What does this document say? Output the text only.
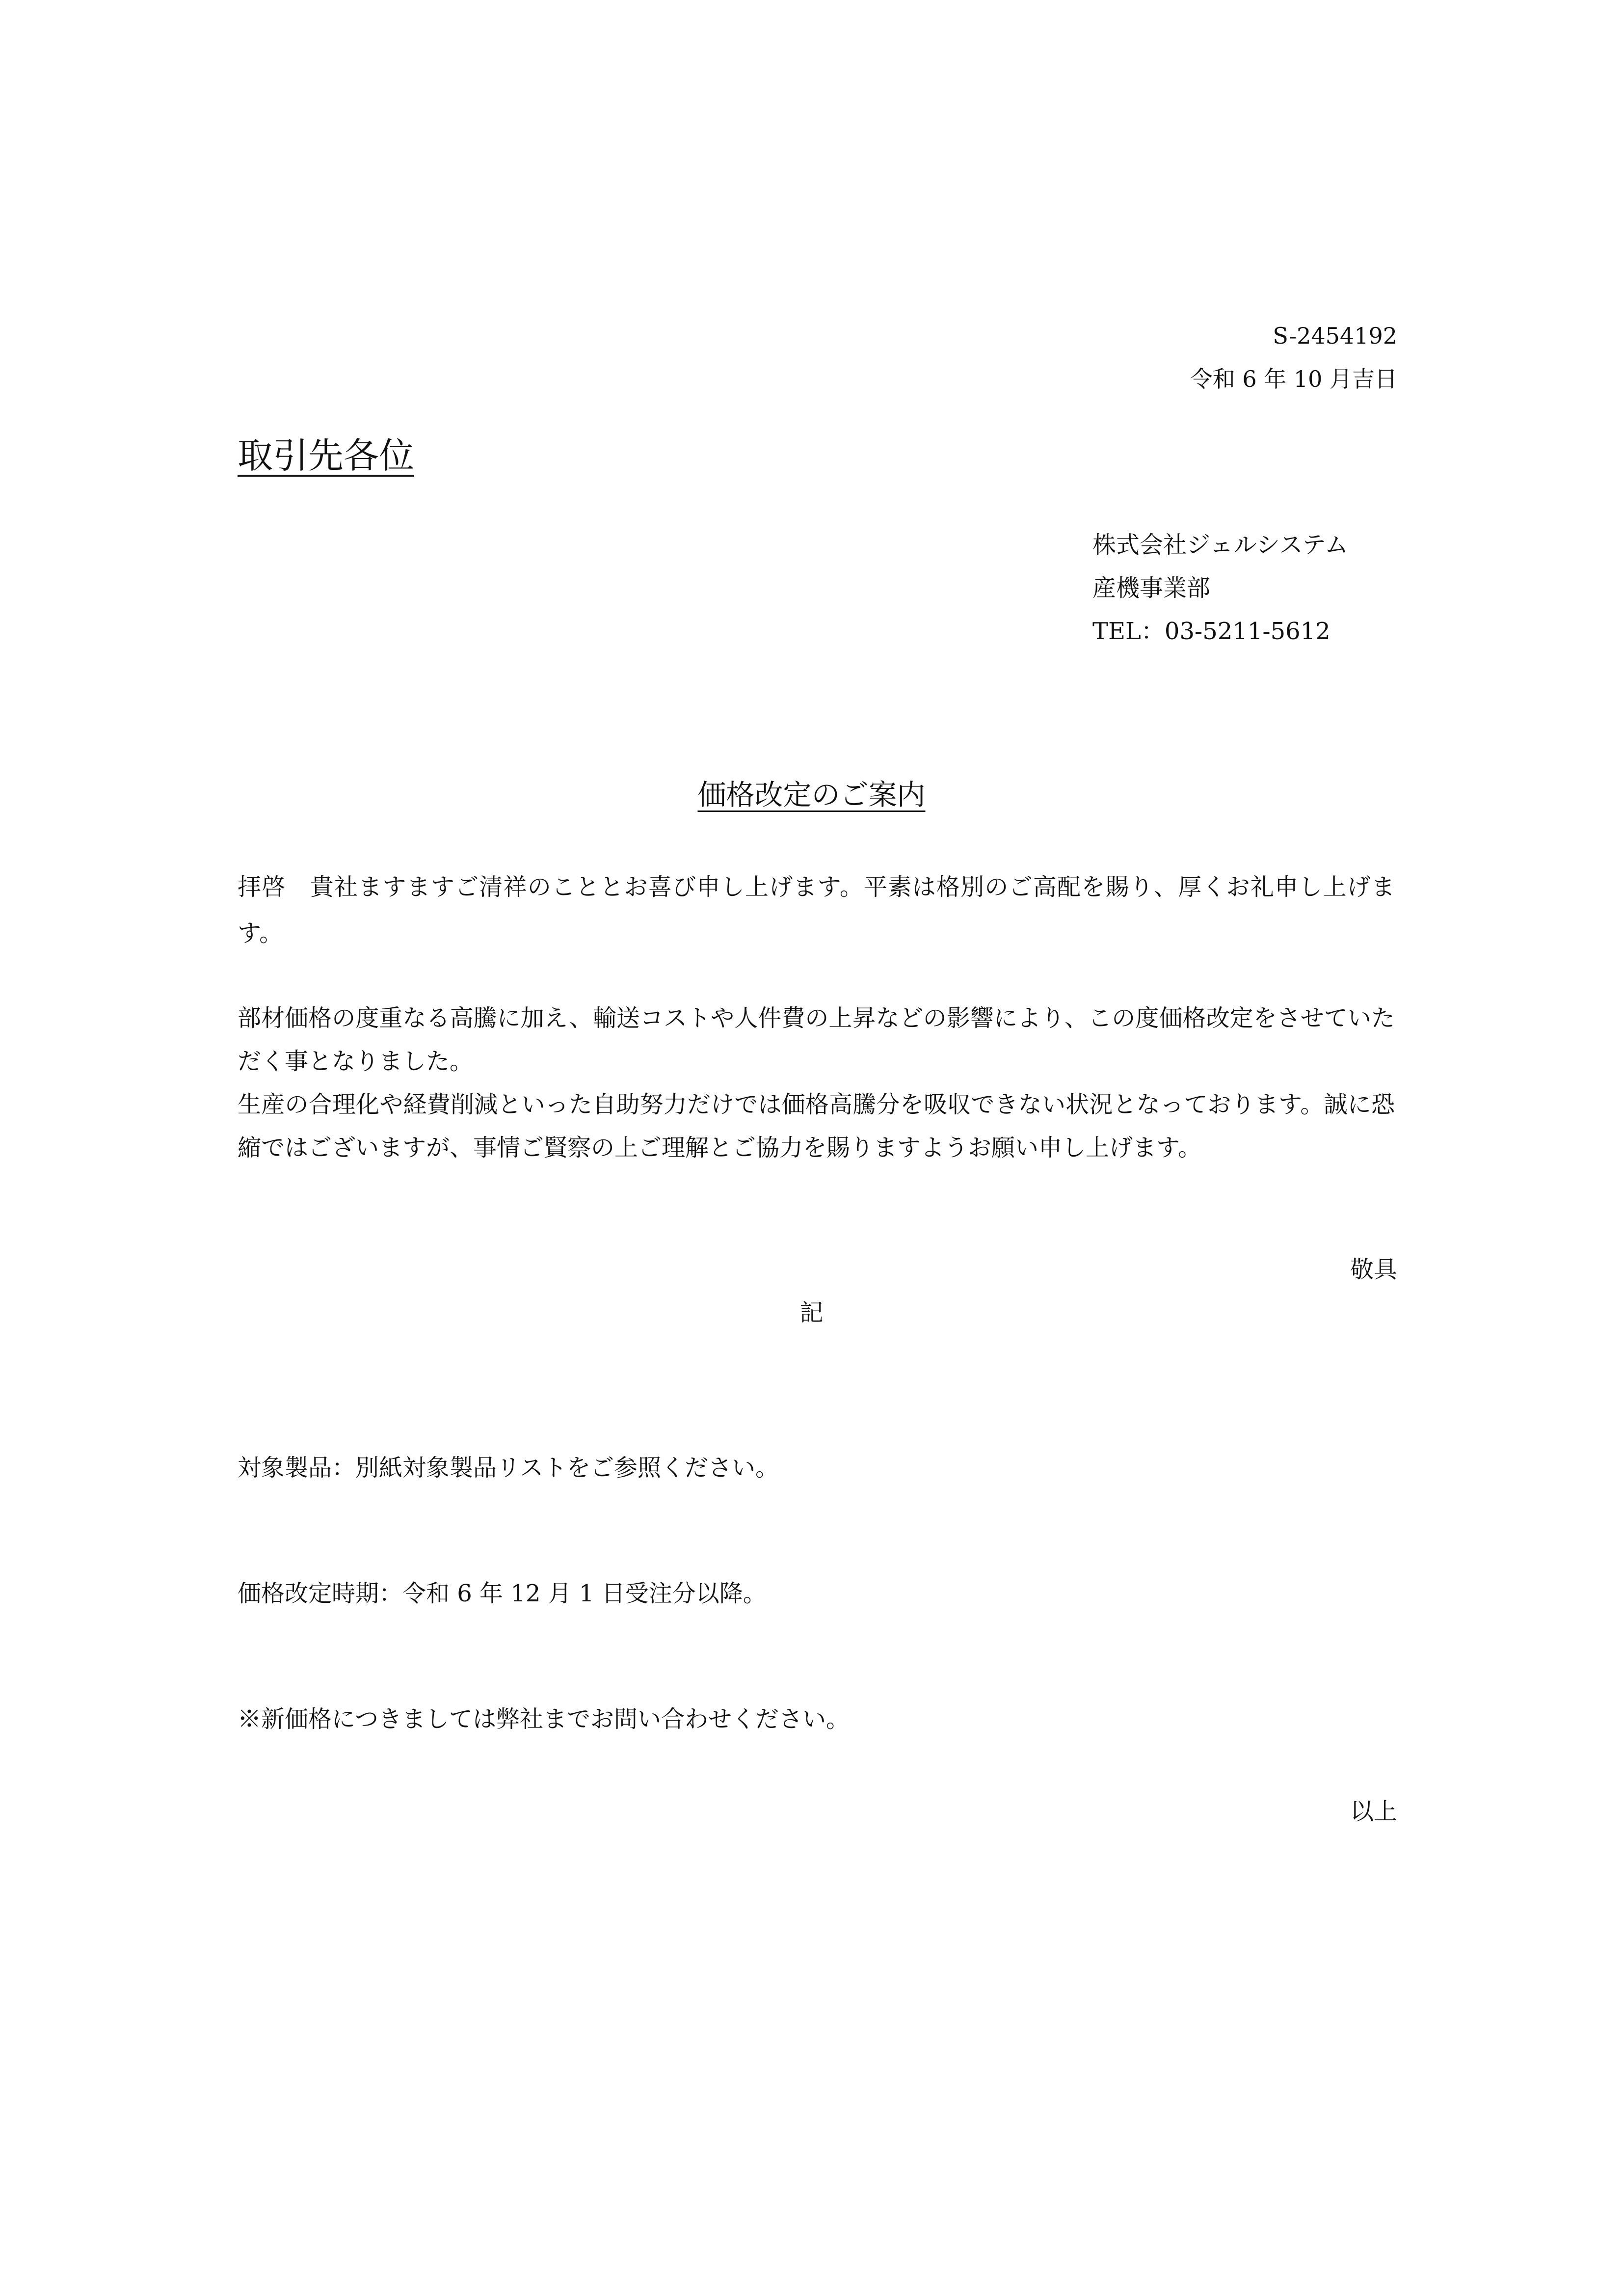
S-2454192
令和 6 年 10 月吉日
取引先各位
株式会社ジェルシステム
産機事業部
TEL：03-5211-5612
価格改定のご案内
拝啓　貴社ますますご清祥のこととお喜び申し上げます。平素は格別のご高配を賜り、厚くお礼申し上げます。
部材価格の度重なる高騰に加え、輸送コストや人件費の上昇などの影響により、この度価格改定をさせていただく事となりました。
生産の合理化や経費削減といった自助努力だけでは価格高騰分を吸収できない状況となっております。誠に恐縮ではございますが、事情ご賢察の上ご理解とご協力を賜りますようお願い申し上げます。
敬具
記
対象製品：別紙対象製品リストをご参照ください。
価格改定時期：令和 6 年 12 月 1 日受注分以降。
※新価格につきましては弊社までお問い合わせください。
以上
